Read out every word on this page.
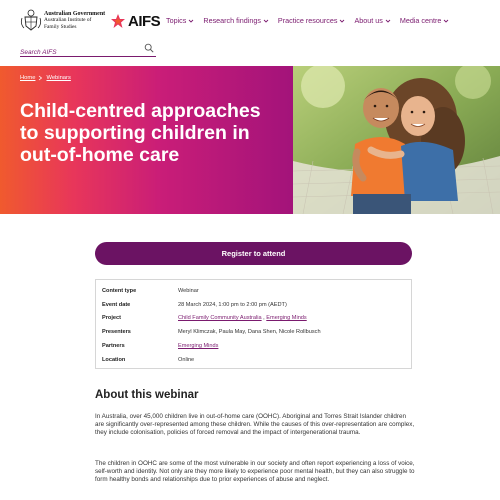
Australian Government
Australian Institute of
Family Studies	AIFS Topics Research findings Practice resources About us Media centre
Search AIFS
Home Webinars
Child-centred approaches to supporting children in out-of-home care
Register to attend
Content type	Webinar
Event date	28 March 2024, 1:00 pm to 2:00 pm (AEDT)
Project	Child Family Community Australia , Emerging Minds
Presenters	Meryl Klimczak, Paula May, Dana Shen, Nicole Rollbusch
Partners	Emerging Minds
Location	Online
About this webinar

In Australia, over 45,000 children live in out-of-home care (OOHC). Aboriginal and Torres Strait Islander children are significantly over-represented among these children. While the causes of this over-representation are complex, they include colonisation, policies of forced removal and the impact of intergenerational trauma.

The children in OOHC are some of the most vulnerable in our society and often report experiencing a loss of voice, self-worth and identity. Not only are they more likely to experience poor mental health, but they can also struggle to form healthy bonds and relationships due to prior experiences of abuse and neglect.
